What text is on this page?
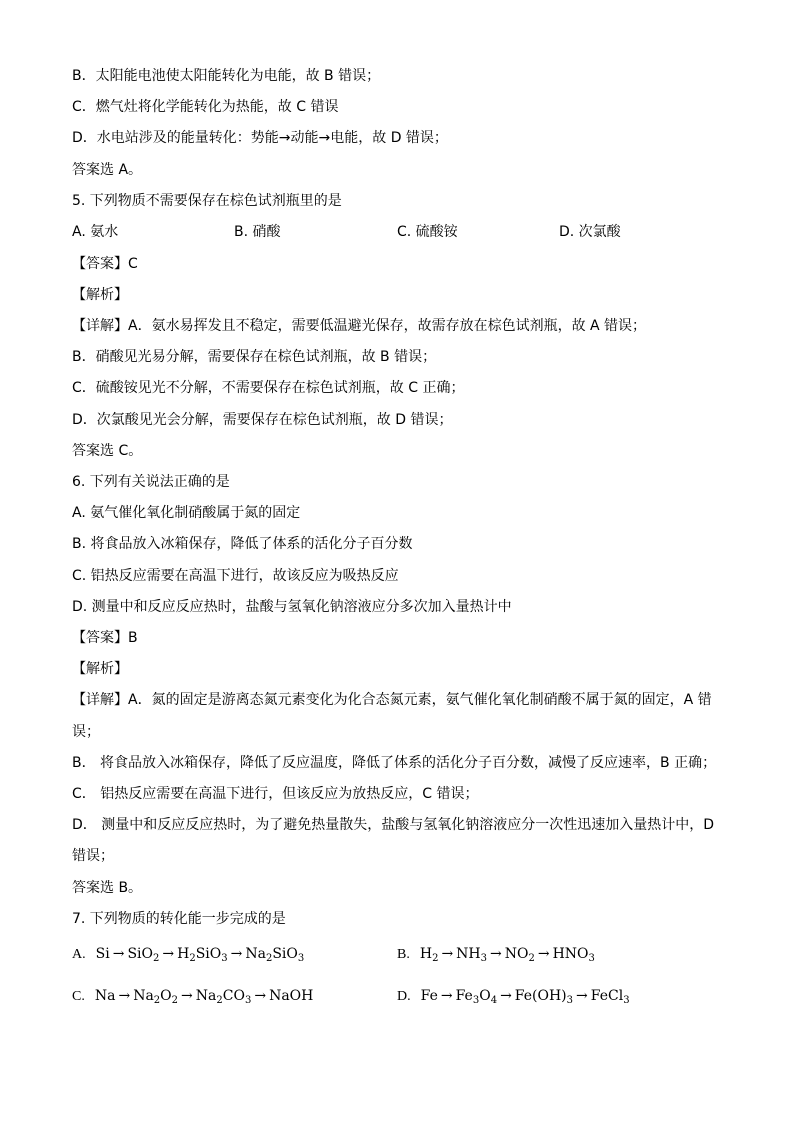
B．太阳能电池使太阳能转化为电能，故 B 错误；
C．燃气灶将化学能转化为热能，故 C 错误
D．水电站涉及的能量转化：势能→动能→电能，故 D 错误；
答案选 A。
5. 下列物质不需要保存在棕色试剂瓶里的是
A. 氨水	B. 硝酸	C. 硫酸铵	D. 次氯酸
【答案】C
【解析】
【详解】A．氨水易挥发且不稳定，需要低温避光保存，故需存放在棕色试剂瓶，故 A 错误；
B．硝酸见光易分解，需要保存在棕色试剂瓶，故 B 错误；
C．硫酸铵见光不分解，不需要保存在棕色试剂瓶，故 C 正确；
D．次氯酸见光会分解，需要保存在棕色试剂瓶，故 D 错误；
答案选 C。
6. 下列有关说法正确的是
A. 氨气催化氧化制硝酸属于氮的固定
B. 将食品放入冰箱保存，降低了体系的活化分子百分数
C. 铝热反应需要在高温下进行，故该反应为吸热反应
D. 测量中和反应反应热时，盐酸与氢氧化钠溶液应分多次加入量热计中
【答案】B
【解析】
【详解】A．氮的固定是游离态氮元素变化为化合态氮元素，氨气催化氧化制硝酸不属于氮的固定，A 错
误；
B． 将食品放入冰箱保存，降低了反应温度，降低了体系的活化分子百分数，减慢了反应速率，B 正确；
C． 铝热反应需要在高温下进行，但该反应为放热反应，C 错误；
D． 测量中和反应反应热时，为了避免热量散失，盐酸与氢氧化钠溶液应分一次性迅速加入量热计中，D
错误；
答案选 B。
7. 下列物质的转化能一步完成的是
A. $Si \to SiO_2 \to H_2SiO_3 \to Na_2SiO_3$	B. $H_2 \to NH_3 \to NO_2 \to HNO_3$
C. $Na \to Na_2O_2 \to Na_2CO_3$ → NaOH	D. $Fe \to Fe_3O_4 \to Fe(OH)_3$ → FeCl$_3$
